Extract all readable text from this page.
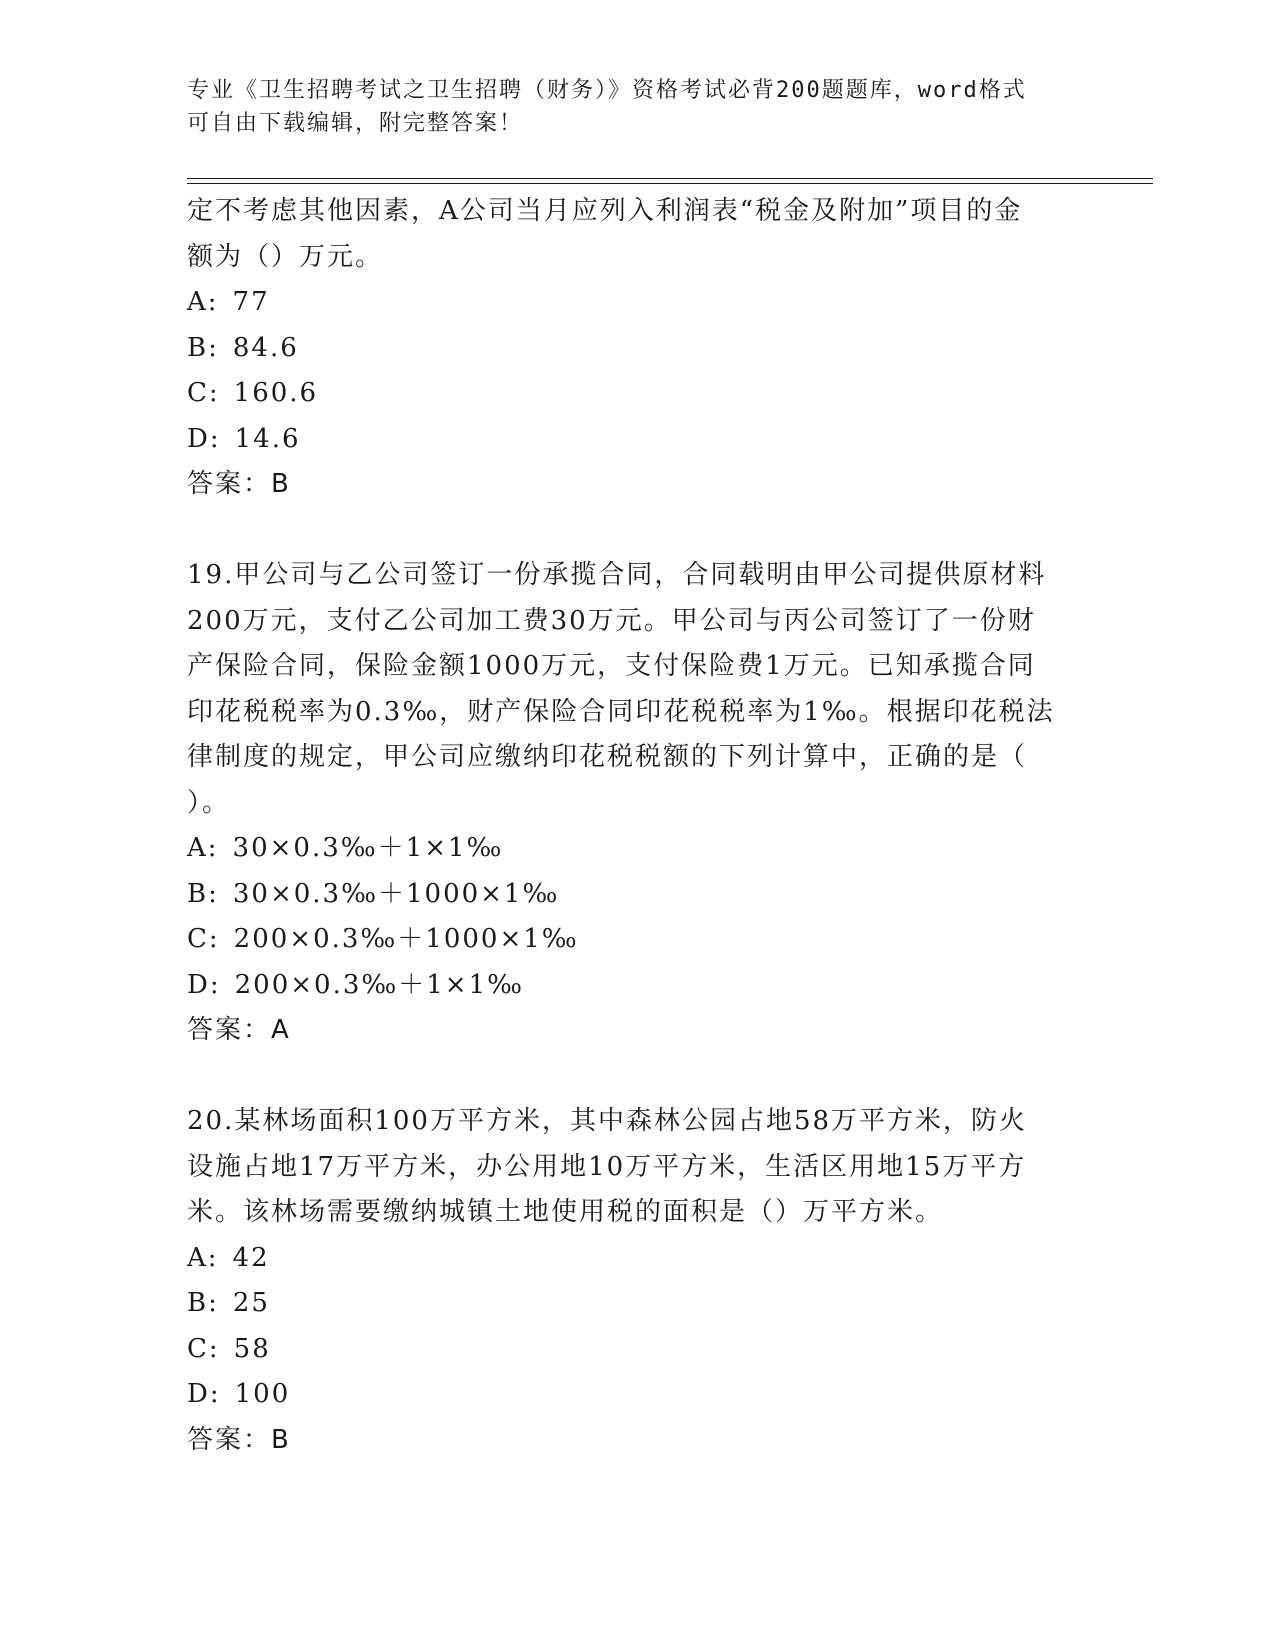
专业《卫生招聘考试之卫生招聘（财务）》资格考试必背200题题库，word格式
可自由下载编辑，附完整答案！
定不考虑其他因素，A公司当月应列入利润表“税金及附加”项目的金
额为（）万元。
A: 77
B: 84.6
C: 160.6
D: 14.6
答案：B
19.甲公司与乙公司签订一份承揽合同，合同载明由甲公司提供原材料
200万元，支付乙公司加工费30万元。甲公司与丙公司签订了一份财
产保险合同，保险金额1000万元，支付保险费1万元。已知承揽合同
印花税税率为0.3‰，财产保险合同印花税税率为1‰。根据印花税法
律制度的规定，甲公司应缴纳印花税税额的下列计算中，正确的是（
）。
A: 30×0.3‰＋1×1‰
B: 30×0.3‰＋1000×1‰
C: 200×0.3‰＋1000×1‰
D: 200×0.3‰＋1×1‰
答案：A
20.某林场面积100万平方米，其中森林公园占地58万平方米，防火
设施占地17万平方米，办公用地10万平方米，生活区用地15万平方
米。该林场需要缴纳城镇土地使用税的面积是（）万平方米。
A: 42
B: 25
C: 58
D: 100
答案：B
